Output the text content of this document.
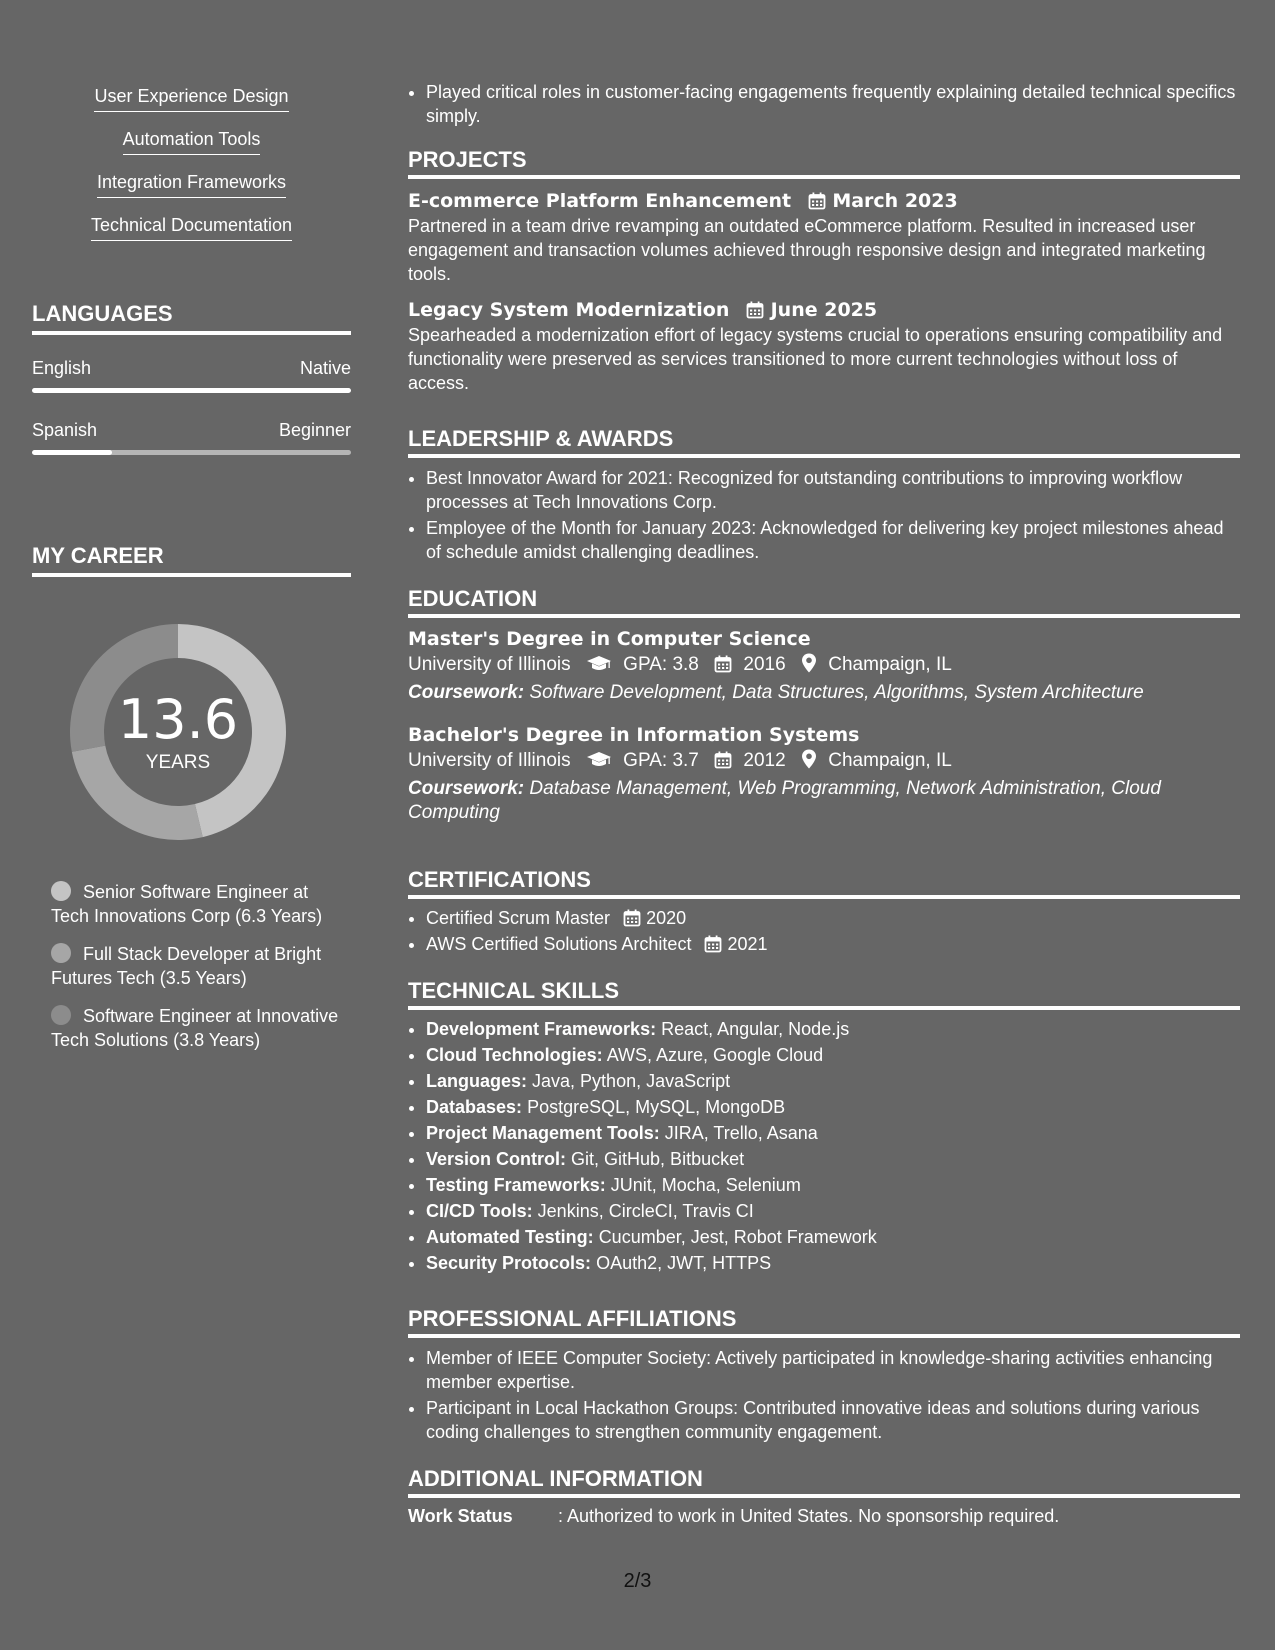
User Experience Design
Automation Tools
Integration Frameworks
Technical Documentation
LANGUAGES
English	Native
Spanish	Beginner
MY CAREER
13.6
YEARS
Senior Software Engineer at Tech Innovations Corp (6.3 Years)
Full Stack Developer at Bright Futures Tech (3.5 Years)
Software Engineer at Innovative Tech Solutions (3.8 Years)
• Played critical roles in customer-facing engagements frequently explaining detailed technical specifics simply.
PROJECTS
E-commerce Platform Enhancement March 2023
Partnered in a team drive revamping an outdated eCommerce platform. Resulted in increased user engagement and transaction volumes achieved through responsive design and integrated marketing tools.
Legacy System Modernization June 2025
Spearheaded a modernization effort of legacy systems crucial to operations ensuring compatibility and functionality were preserved as services transitioned to more current technologies without loss of access.
LEADERSHIP & AWARDS
• Best Innovator Award for 2021: Recognized for outstanding contributions to improving workflow processes at Tech Innovations Corp.
• Employee of the Month for January 2023: Acknowledged for delivering key project milestones ahead of schedule amidst challenging deadlines.
EDUCATION
Master's Degree in Computer Science
University of Illinois	GPA: 3.8 2016 Champaign, IL
Coursework: Software Development, Data Structures, Algorithms, System Architecture
Bachelor's Degree in Information Systems
University of Illinois	GPA: 3.7 2012 Champaign, IL
Coursework: Database Management, Web Programming, Network Administration, Cloud Computing
CERTIFICATIONS
• Certified Scrum Master 2020
• AWS Certified Solutions Architect 2021
TECHNICAL SKILLS
• Development Frameworks: React, Angular, Node.js
• Cloud Technologies: AWS, Azure, Google Cloud
• Languages: Java, Python, JavaScript
• Databases: PostgreSQL, MySQL, MongoDB
• Project Management Tools: JIRA, Trello, Asana
• Version Control: Git, GitHub, Bitbucket
• Testing Frameworks: JUnit, Mocha, Selenium
• CI/CD Tools: Jenkins, CircleCI, Travis CI
• Automated Testing: Cucumber, Jest, Robot Framework
• Security Protocols: OAuth2, JWT, HTTPS
PROFESSIONAL AFFILIATIONS
• Member of IEEE Computer Society: Actively participated in knowledge-sharing activities enhancing member expertise.
• Participant in Local Hackathon Groups: Contributed innovative ideas and solutions during various coding challenges to strengthen community engagement.
ADDITIONAL INFORMATION
Work Status	: Authorized to work in United States. No sponsorship required.
2/3
